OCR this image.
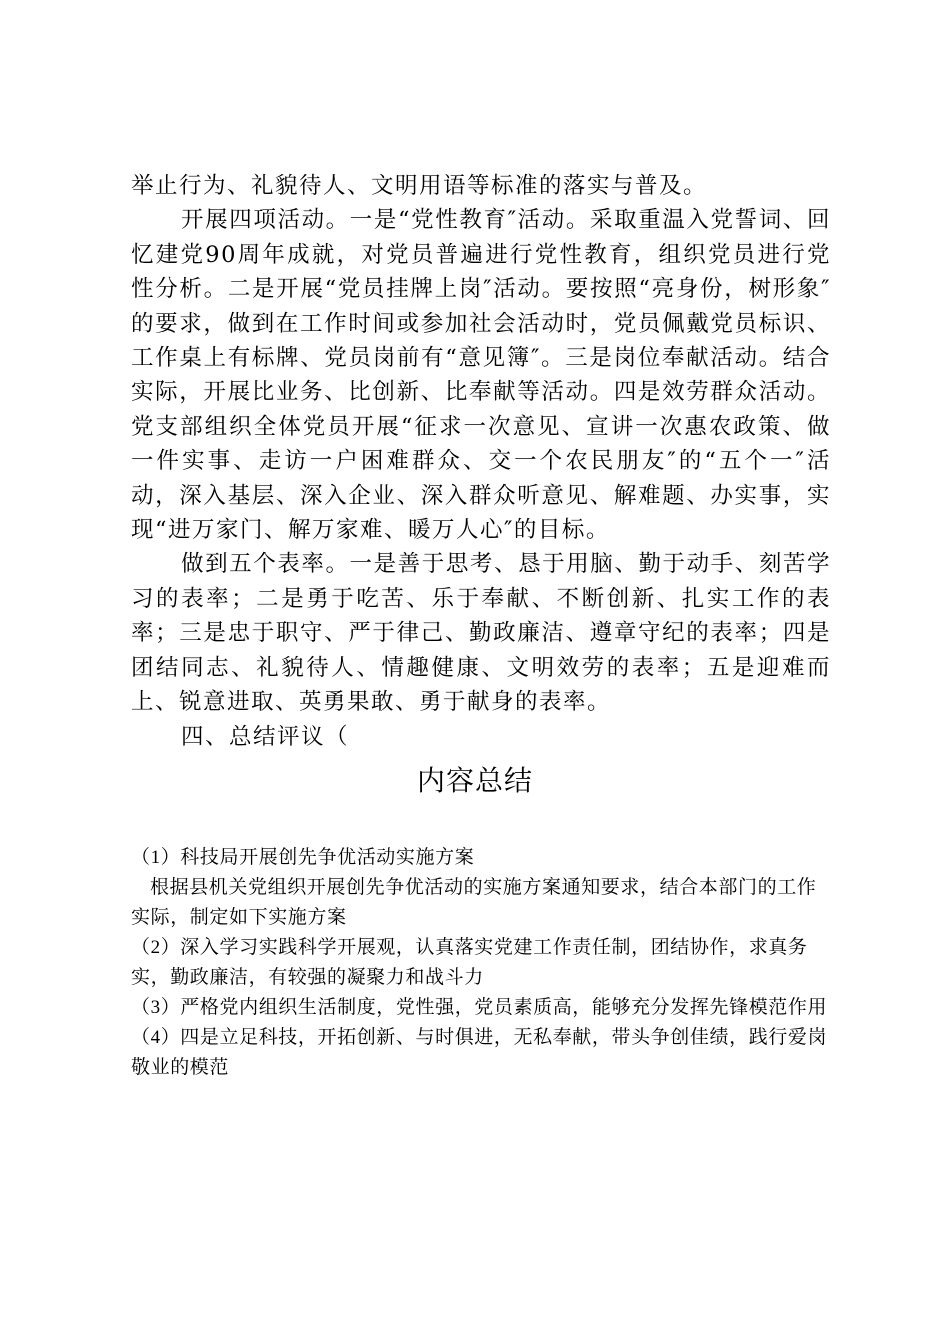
举止行为、礼貌待人、文明用语等标准的落实与普及。

开展四项活动。一是“党性教育″活动。采取重温入党誓词、回忆建党90周年成就，对党员普遍进行党性教育，组织党员进行党性分析。二是开展“党员挂牌上岗″活动。要按照“亮身份，树形象″的要求，做到在工作时间或参加社会活动时，党员佩戴党员标识、工作桌上有标牌、党员岗前有“意见簿″。三是岗位奉献活动。结合实际，开展比业务、比创新、比奉献等活动。四是效劳群众活动。党支部组织全体党员开展“征求一次意见、宣讲一次惠农政策、做一件实事、走访一户困难群众、交一个农民朋友″的“五个一″活动，深入基层、深入企业、深入群众听意见、解难题、办实事，实现“进万家门、解万家难、暖万人心″的目标。

做到五个表率。一是善于思考、恳于用脑、勤于动手、刻苦学习的表率；二是勇于吃苦、乐于奉献、不断创新、扎实工作的表率；三是忠于职守、严于律己、勤政廉洁、遵章守纪的表率；四是团结同志、礼貌待人、情趣健康、文明效劳的表率；五是迎难而上、锐意进取、英勇果敢、勇于献身的表率。

四、总结评议（

内容总结

（1）科技局开展创先争优活动实施方案

根据县机关党组织开展创先争优活动的实施方案通知要求，结合本部门的工作实际，制定如下实施方案

（2）深入学习实践科学开展观，认真落实党建工作责任制，团结协作，求真务实，勤政廉洁，有较强的凝聚力和战斗力

（3）严格党内组织生活制度，党性强，党员素质高，能够充分发挥先锋模范作用

（4）四是立足科技，开拓创新、与时俱进，无私奉献，带头争创佳绩，践行爱岗敬业的模范
